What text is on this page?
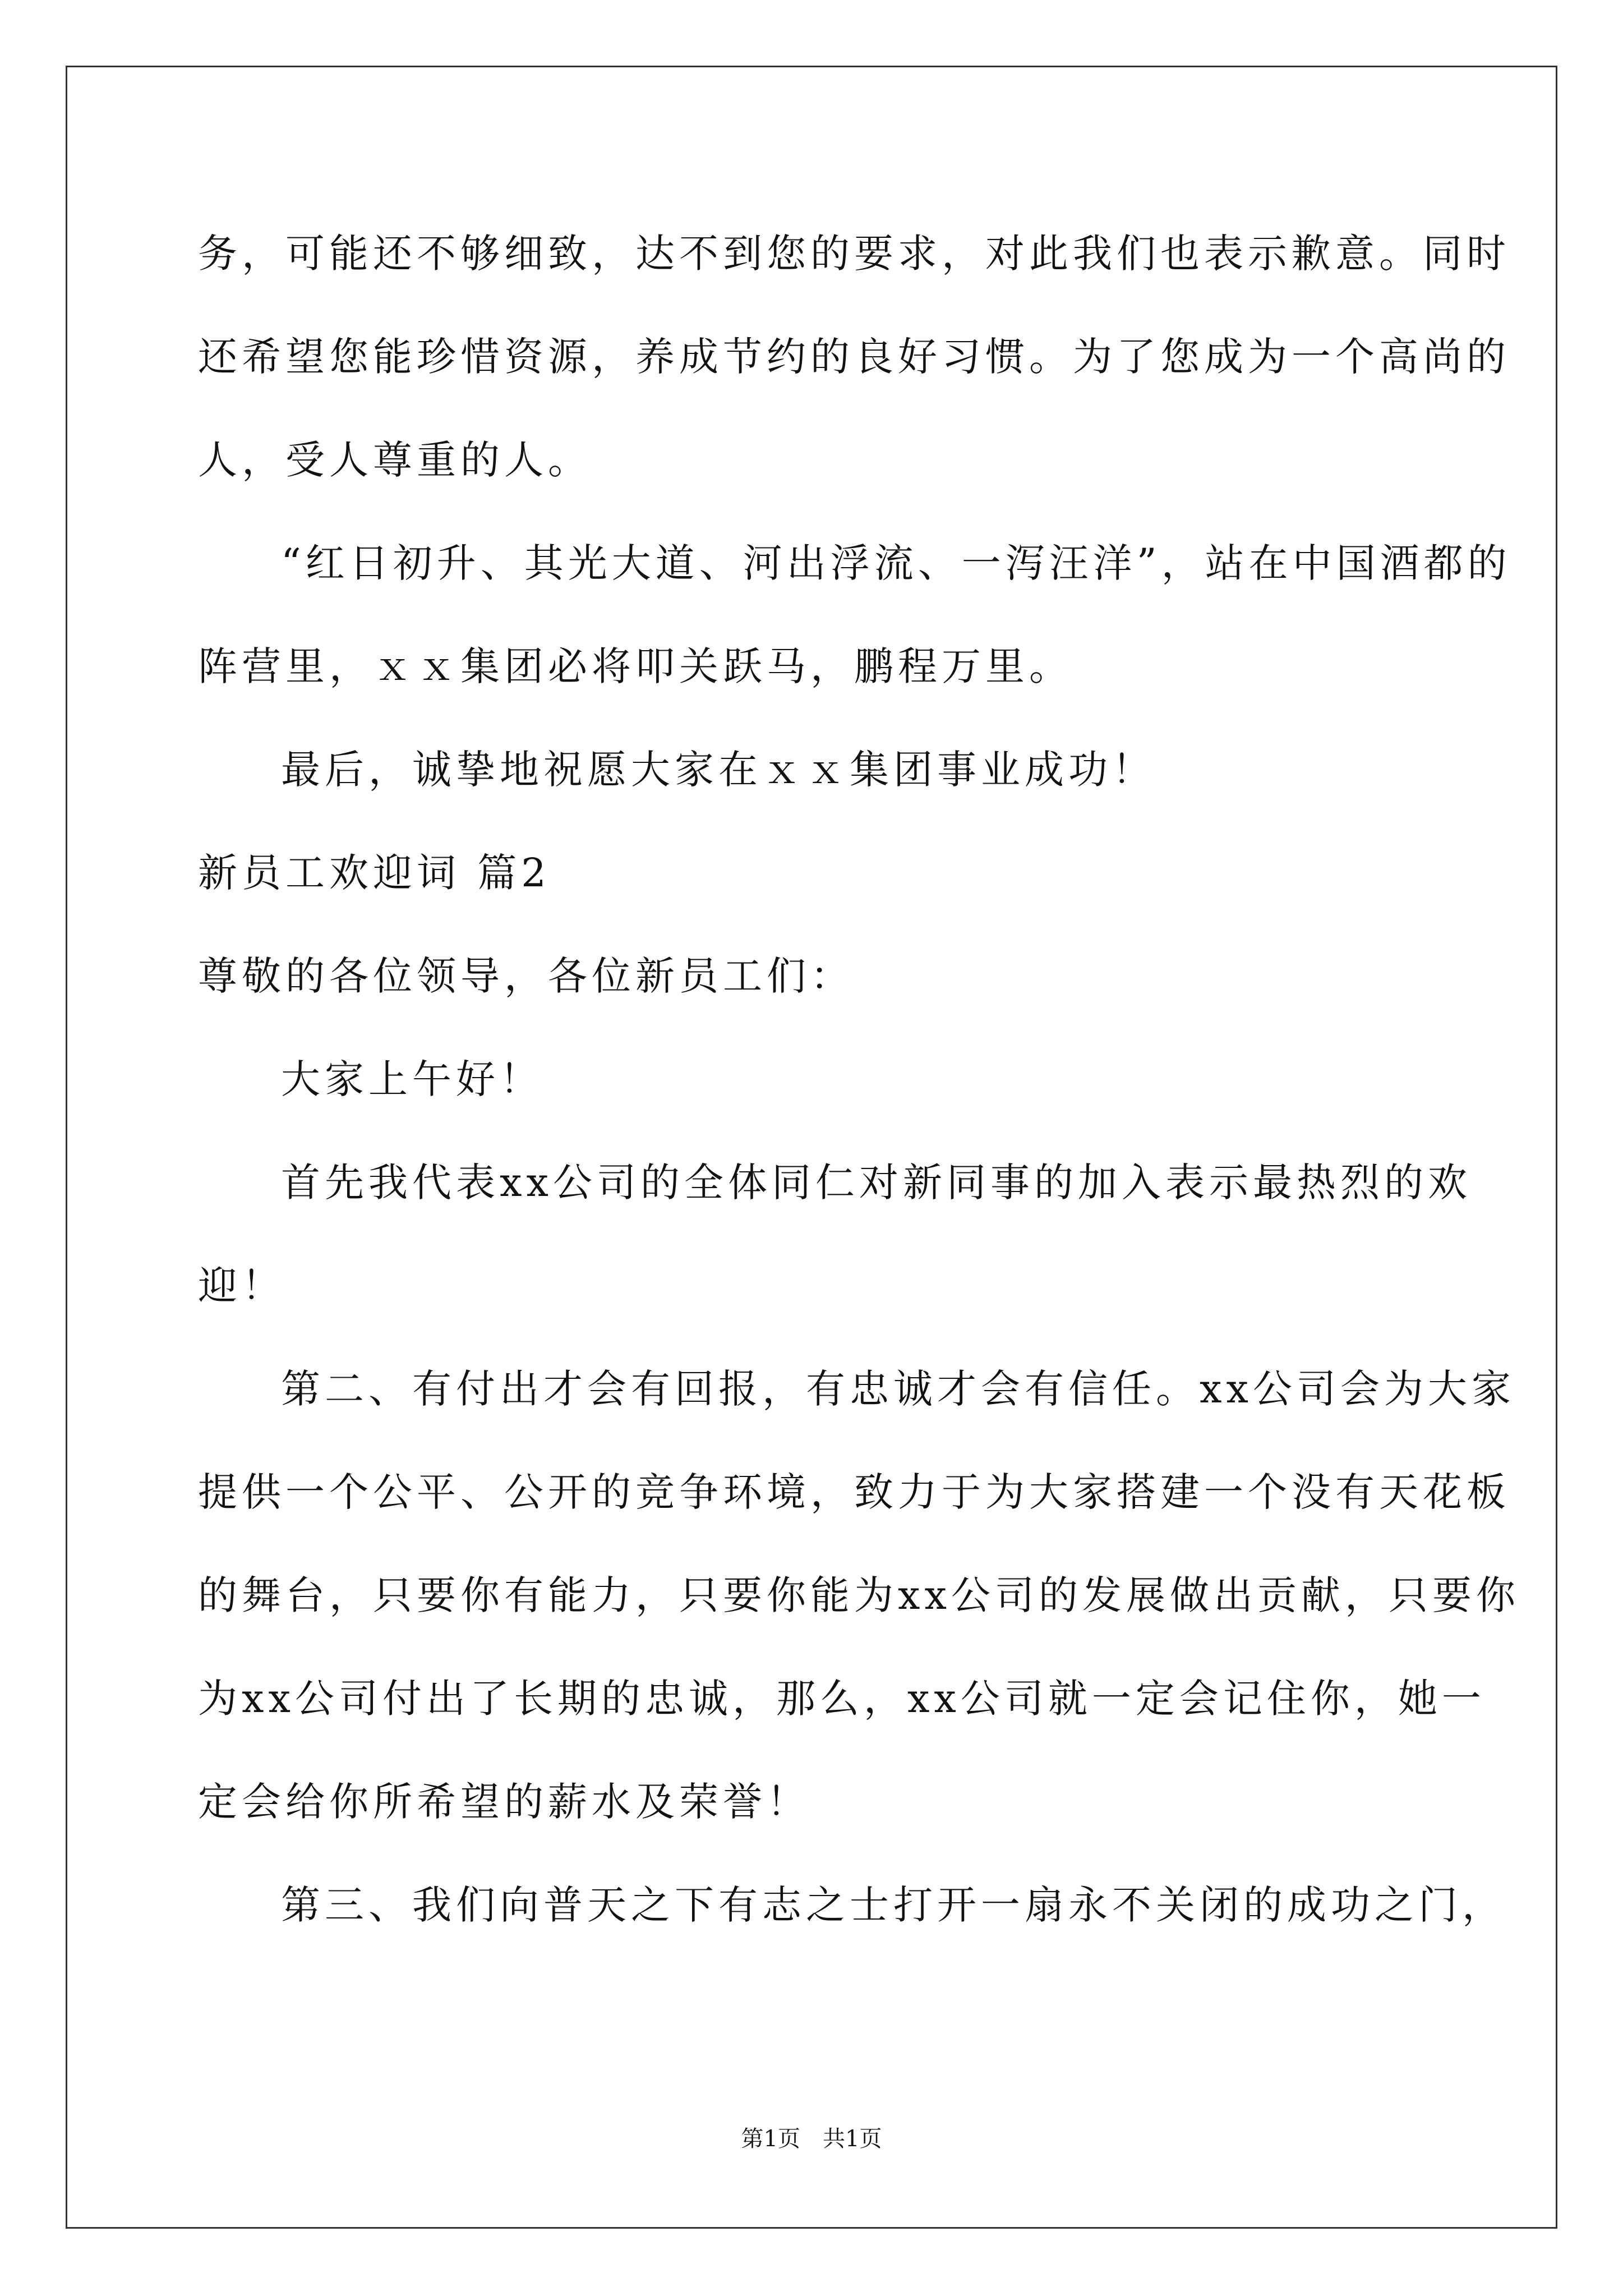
务，可能还不够细致，达不到您的要求，对此我们也表示歉意。同时
还希望您能珍惜资源，养成节约的良好习惯。为了您成为一个高尚的
人，受人尊重的人。
“红日初升、其光大道、河出浮流、一泻汪洋”，站在中国酒都的
阵营里，ｘｘ集团必将叩关跃马，鹏程万里。
最后，诚挚地祝愿大家在ｘｘ集团事业成功！
新员工欢迎词 篇2
尊敬的各位领导，各位新员工们：
大家上午好！
首先我代表xx公司的全体同仁对新同事的加入表示最热烈的欢
迎！
第二、有付出才会有回报，有忠诚才会有信任。xx公司会为大家
提供一个公平、公开的竞争环境，致力于为大家搭建一个没有天花板
的舞台，只要你有能力，只要你能为xx公司的发展做出贡献，只要你
为xx公司付出了长期的忠诚，那么，xx公司就一定会记住你，她一
定会给你所希望的薪水及荣誉！
第三、我们向普天之下有志之士打开一扇永不关闭的成功之门，
第1页　共1页
